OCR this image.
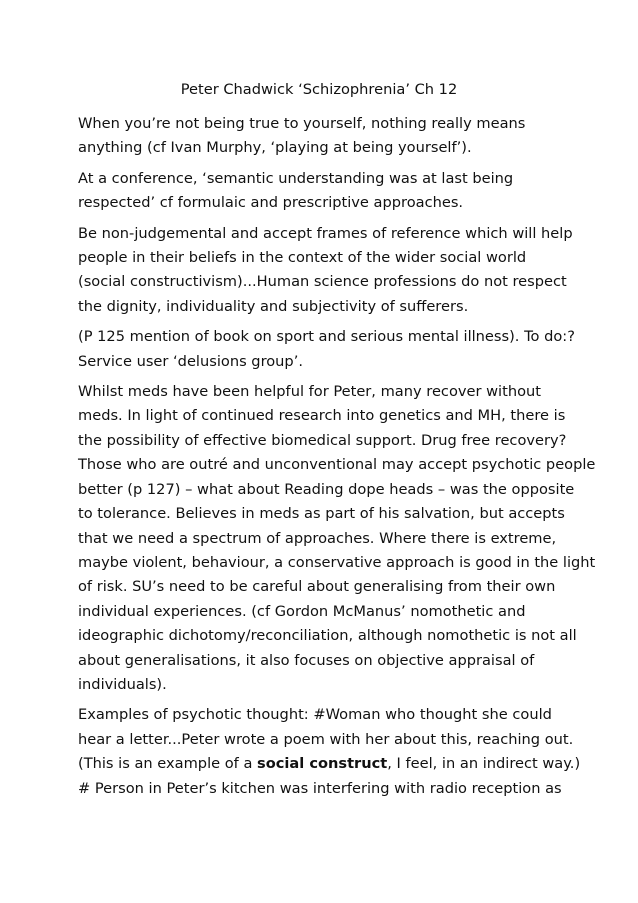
Peter Chadwick ‘Schizophrenia’ Ch 12

When you’re not being true to yourself, nothing really means
anything (cf Ivan Murphy, ‘playing at being yourself’).

At a conference, ‘semantic understanding was at last being
respected’ cf formulaic and prescriptive approaches.

Be non-judgemental and accept frames of reference which will help
people in their beliefs in the context of the wider social world
(social constructivism)...Human science professions do not respect
the dignity, individuality and subjectivity of sufferers.

(P 125 mention of book on sport and serious mental illness). To do:?
Service user ‘delusions group’.

Whilst meds have been helpful for Peter, many recover without
meds. In light of continued research into genetics and MH, there is
the possibility of effective biomedical support. Drug free recovery?
Those who are outré and unconventional may accept psychotic people
better (p 127) – what about Reading dope heads – was the opposite
to tolerance. Believes in meds as part of his salvation, but accepts
that we need a spectrum of approaches. Where there is extreme,
maybe violent, behaviour, a conservative approach is good in the light
of risk. SU’s need to be careful about generalising from their own
individual experiences. (cf Gordon McManus’ nomothetic and
ideographic dichotomy/reconciliation, although nomothetic is not all
about generalisations, it also focuses on objective appraisal of
individuals).

Examples of psychotic thought: #Woman who thought she could
hear a letter...Peter wrote a poem with her about this, reaching out.
(This is an example of a social construct, I feel, in an indirect way.)
# Person in Peter’s kitchen was interfering with radio reception as
